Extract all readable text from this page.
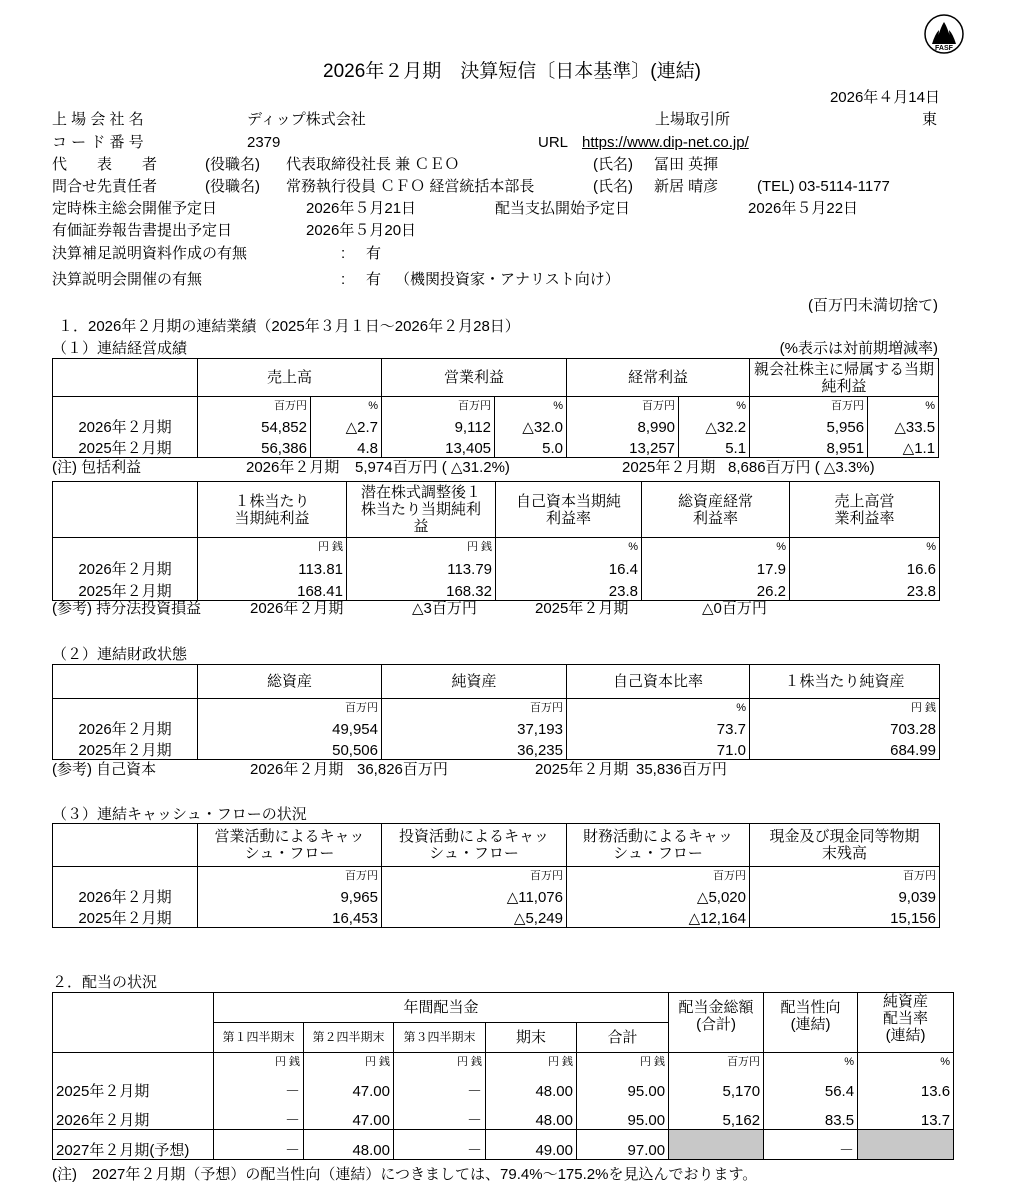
FASF
2026年２月期　決算短信〔日本基準〕(連結)
2026年４月14日
上 場 会 社 名	ディップ株式会社	上場取引所	東
コ ー ド 番 号	2379	URL https://www.dip-net.co.jp/
代　　表　　者	(役職名) 代表取締役社長 兼 ＣＥＯ	(氏名) 冨田 英揮
問合せ先責任者	(役職名) 常務執行役員 ＣＦＯ 経営統括本部長	(氏名) 新居 晴彦	(TEL) 03-5114-1177
定時株主総会開催予定日	2026年５月21日	配当支払開始予定日	2026年５月22日
有価証券報告書提出予定日	2026年５月20日
決算補足説明資料作成の有無	: 有
決算説明会開催の有無	: 有 （機関投資家・アナリスト向け）
(百万円未満切捨て)
１．2026年２月期の連結業績（2025年３月１日～2026年２月28日）
（１）連結経営成績	(%表示は対前期増減率)
	売上高		営業利益		経常利益		親会社株主に帰属する当期純利益	
	百万円	%	百万円	%	百万円	%	百万円	%
2026年２月期	54,852	△2.7	9,112	△32.0	8,990	△32.2	5,956	△33.5
2025年２月期	56,386	4.8	13,405	5.0	13,257	5.1	8,951	△1.1
(注) 包括利益	2026年２月期 5,974百万円 ( △31.2%)	2025年２月期 8,686百万円 ( △3.3%)
	１株当たり当期純利益	潜在株式調整後１株当たり当期純利益	自己資本当期純利益率	総資産経常利益率	売上高営業利益率
	円 銭	円 銭	%	%	%
2026年２月期	113.81	113.79	16.4	17.9	16.6
2025年２月期	168.41	168.32	23.8	26.2	23.8
(参考) 持分法投資損益	2026年２月期	△3百万円	2025年２月期	△0百万円
（２）連結財政状態
	総資産	純資産	自己資本比率	１株当たり純資産
	百万円	百万円	%	円 銭
2026年２月期	49,954	37,193	73.7	703.28
2025年２月期	50,506	36,235	71.0	684.99
(参考) 自己資本	2026年２月期 36,826百万円	2025年２月期 35,836百万円
（３）連結キャッシュ・フローの状況
	営業活動によるキャッシュ・フロー	投資活動によるキャッシュ・フロー	財務活動によるキャッシュ・フロー	現金及び現金同等物期末残高
	百万円	百万円	百万円	百万円
2026年２月期	9,965	△11,076	△5,020	9,039
2025年２月期	16,453	△5,249	△12,164	15,156
２．配当の状況
	年間配当金					配当金総額(合計)	配当性向(連結)	純資産配当率(連結)
	第１四半期末	第２四半期末	第３四半期末	期末	合計			
	円 銭	円 銭	円 銭	円 銭	円 銭	百万円	%	%
2025年２月期	－	47.00	－	48.00	95.00	5,170	56.4	13.6
2026年２月期	－	47.00	－	48.00	95.00	5,162	83.5	13.7
2027年２月期(予想)	－	48.00	－	49.00	97.00		－	
(注)　2027年２月期（予想）の配当性向（連結）につきましては、79.4%～175.2%を見込んでおります。
